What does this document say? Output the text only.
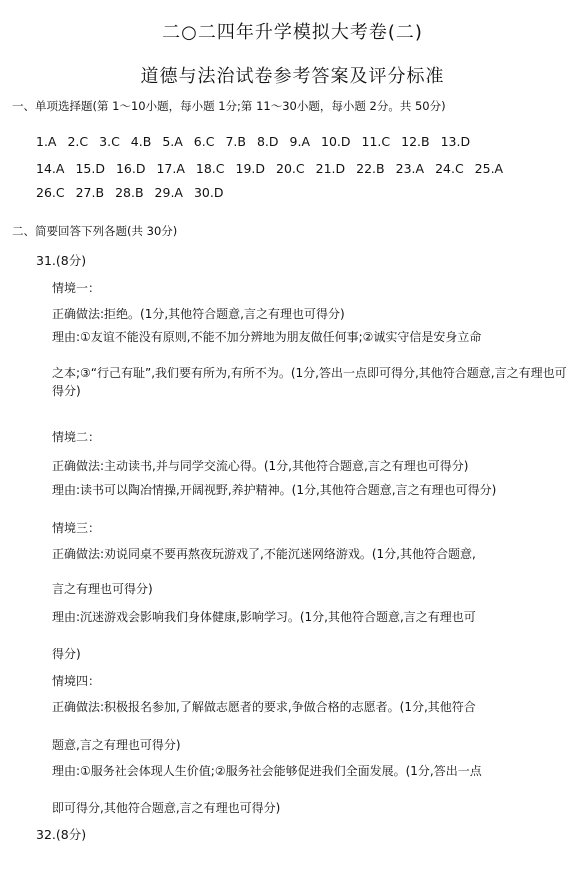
二○二四年升学模拟大考卷(二)
道德与法治试卷参考答案及评分标准
一、单项选择题(第 1～10小题，每小题 1分;第 11～30小题，每小题 2分。共 50分)
1.A 2.C 3.C 4.B 5.A 6.C 7.B 8.D 9.A 10.D 11.C 12.B 13.D
14.A 15.D 16.D 17.A 18.C 19.D 20.C 21.D 22.B 23.A 24.C 25.A
26.C 27.B 28.B 29.A 30.D
二、简要回答下列各题(共 30分)
31.(8分)
情境一：
正确做法:拒绝。(1分,其他符合题意,言之有理也可得分)
理由:①友谊不能没有原则,不能不加分辨地为朋友做任何事;②诚实守信是安身立命
之本;③“行己有耻”,我们要有所为,有所不为。(1分,答出一点即可得分,其他符合题意,言之有理也可得分)
情境二：
正确做法:主动读书,并与同学交流心得。(1分,其他符合题意,言之有理也可得分)
理由:读书可以陶冶情操,开阔视野,养护精神。(1分,其他符合题意,言之有理也可得分)
情境三：
正确做法:劝说同桌不要再熬夜玩游戏了,不能沉迷网络游戏。(1分,其他符合题意,
言之有理也可得分)
理由:沉迷游戏会影响我们身体健康,影响学习。(1分,其他符合题意,言之有理也可
得分)
情境四：
正确做法:积极报名参加,了解做志愿者的要求,争做合格的志愿者。(1分,其他符合
题意,言之有理也可得分)
理由:①服务社会体现人生价值;②服务社会能够促进我们全面发展。(1分,答出一点
即可得分,其他符合题意,言之有理也可得分)
32.(8分)
